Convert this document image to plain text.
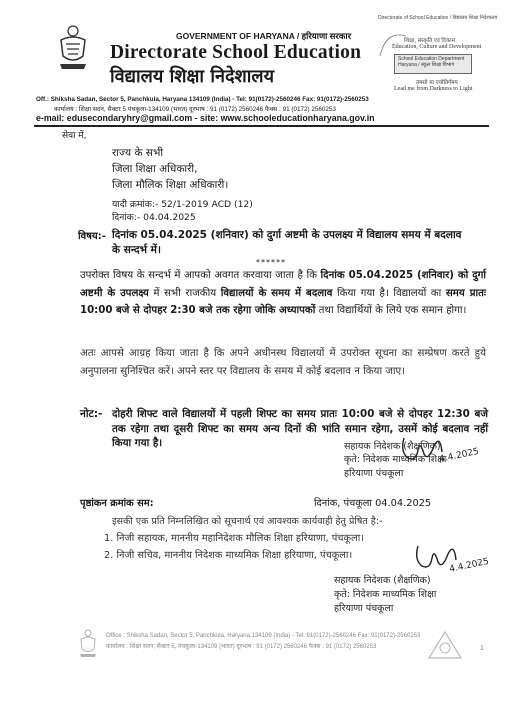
Directorate of School Education / विद्यालय शिक्षा निदेशालय
GOVERNMENT OF HARYANA / हरियाणा सरकार
Directorate School Education
विद्यालय शिक्षा निदेशालय
शिक्षा, संस्कृति एवं विकास
Education, Culture and Development
School Education Department Haryana / स्कूल शिक्षा विभाग
तमसो मा ज्योतिर्गमय
Lead me from Darkness to Light
Off.: Shiksha Sadan, Sector 5, Panchkula, Haryana 134109 (India) - Tel: 91(0172)-2560246 Fax: 91(0172)-2560253
कार्यालय : शिक्षा सदन, सैक्टर 5 पंचकूला-134109 (भारत) दूरभाष : 91 (0172) 2560246 फैक्स : 91 (0172) 2560253
e-mail: edusecondaryhry@gmail.com - site: www.schooleducationharyana.gov.in
सेवा में,
राज्य के सभी
जिला शिक्षा अधिकारी,
जिला मौलिक शिक्षा अधिकारी।
यादी क्रमांक:- 52/1-2019 ACD (12)
दिनांक:- 04.04.2025
विषय:- दिनांक 05.04.2025 (शनिवार) को दुर्गा अष्टमी के उपलक्ष्य में विद्यालय समय में बदलाव के सन्दर्भ में।
******
उपरोक्त विषय के सन्दर्भ में आपको अवगत करवाया जाता है कि दिनांक 05.04.2025 (शनिवार) को दुर्गा अष्टमी के उपलक्ष्य में सभी राजकीय विद्यालयों के समय में बदलाव किया गया है। विद्यालयों का समय प्रातः 10:00 बजे से दोपहर 2:30 बजे तक रहेगा जोकि अध्यापकों तथा विद्यार्थियों के लिये एक समान होगा।
अतः आपसे आग्रह किया जाता है कि अपने अधीनस्थ विद्यालयों में उपरोक्त सूचना का सम्प्रेषण करते हुये अनुपालना सुनिश्चित करें। अपने स्तर पर विद्यालय के समय में कोई बदलाव न किया जाए।
नोट:- दोहरी शिफ्ट वाले विद्यालयों में पहली शिफ्ट का समय प्रातः 10:00 बजे से दोपहर 12:30 बजे तक रहेगा तथा दूसरी शिफ्ट का समय अन्य दिनों की भांति समान रहेगा, उसमें कोई बदलाव नहीं किया गया है।
4.4.2025
सहायक निदेशक (शैक्षणिक)
कृते: निदेशक माध्यमिक शिक्षा
हरियाणा पंचकूला
पृष्ठांकन क्रमांक सम:	दिनांक, पंचकूला 04.04.2025
इसकी एक प्रति निम्नलिखित को सूचनार्थ एवं आवश्यक कार्यवाही हेतु प्रेषित है:-
1. निजी सहायक, माननीय महानिदेशक मौलिक शिक्षा हरियाणा, पंचकूला।
2. निजी सचिव, माननीय निदेशक माध्यमिक शिक्षा हरियाणा, पंचकूला।
4.4.2025
सहायक निदेशक (शैक्षणिक)
कृते: निदेशक माध्यमिक शिक्षा
हरियाणा पंचकूला
Office : Shiksha Sadan, Sector 5, Panchkula, Haryana 134109 (India) - Tel: 91(0172)-2560246 Fax: 91(0172)-2560253
कार्यालय : शिक्षा सदन, सैक्टर 5, पंचकूला-134109 (भारत) दूरभाष : 91 (0172) 2560246 फैक्स : 91 (0172) 2560253	1
